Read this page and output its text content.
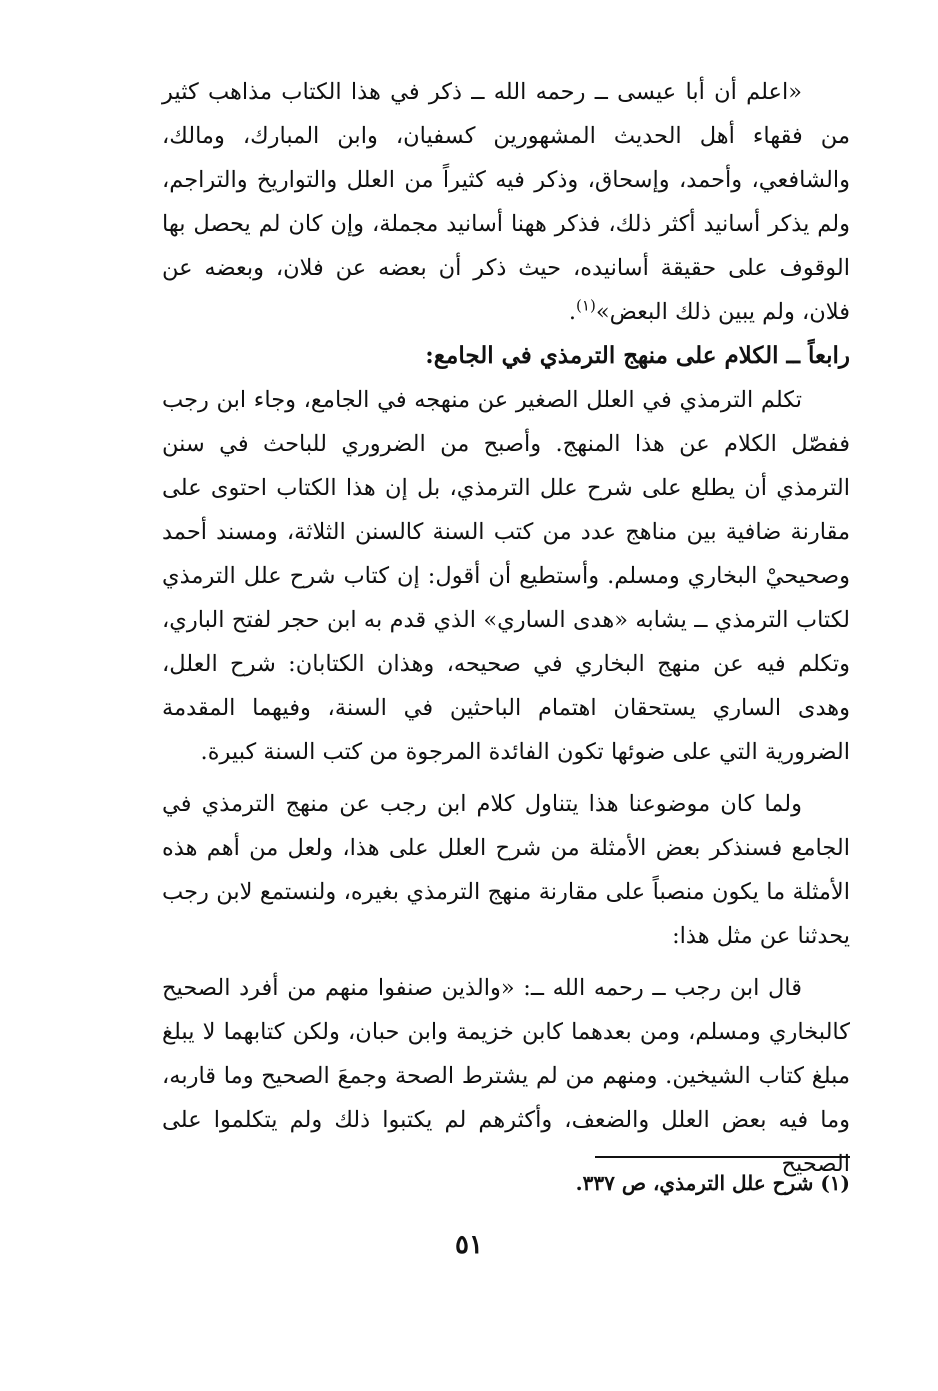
«اعلم أن أبا عيسى ــ رحمه الله ــ ذكر في هذا الكتاب مذاهب كثير من فقهاء أهل الحديث المشهورين كسفيان، وابن المبارك، ومالك، والشافعي، وأحمد، وإسحاق، وذكر فيه كثيراً من العلل والتواريخ والتراجم، ولم يذكر أسانيد أكثر ذلك، فذكر ههنا أسانيد مجملة، وإن كان لم يحصل بها الوقوف على حقيقة أسانيده، حيث ذكر أن بعضه عن فلان، وبعضه عن فلان، ولم يبين ذلك البعض»$^{(١)}$.

رابعاً ــ الكلام على منهج الترمذي في الجامع:

تكلم الترمذي في العلل الصغير عن منهجه في الجامع، وجاء ابن رجب ففصّل الكلام عن هذا المنهج. وأصبح من الضروري للباحث في سنن الترمذي أن يطلع على شرح علل الترمذي، بل إن هذا الكتاب احتوى على مقارنة ضافية بين مناهج عدد من كتب السنة كالسنن الثلاثة، ومسند أحمد وصحيحيْ البخاري ومسلم. وأستطيع أن أقول: إن كتاب شرح علل الترمذي لكتاب الترمذي ــ يشابه «هدى الساري» الذي قدم به ابن حجر لفتح الباري، وتكلم فيه عن منهج البخاري في صحيحه، وهذان الكتابان: شرح العلل، وهدى الساري يستحقان اهتمام الباحثين في السنة، وفيهما المقدمة الضرورية التي على ضوئها تكون الفائدة المرجوة من كتب السنة كبيرة.

ولما كان موضوعنا هذا يتناول كلام ابن رجب عن منهج الترمذي في الجامع فسنذكر بعض الأمثلة من شرح العلل على هذا، ولعل من أهم هذه الأمثلة ما يكون منصباً على مقارنة منهج الترمذي بغيره، ولنستمع لابن رجب يحدثنا عن مثل هذا:

قال ابن رجب ــ رحمه الله ــ: «والذين صنفوا منهم من أفرد الصحيح كالبخاري ومسلم، ومن بعدهما كابن خزيمة وابن حبان، ولكن كتابهما لا يبلغ مبلغ كتاب الشيخين. ومنهم من لم يشترط الصحة وجمعَ الصحيح وما قاربه، وما فيه بعض العلل والضعف، وأكثرهم لم يكتبوا ذلك ولم يتكلموا على الصحيح

(١) شرح علل الترمذي، ص ٣٣٧.
٥١
